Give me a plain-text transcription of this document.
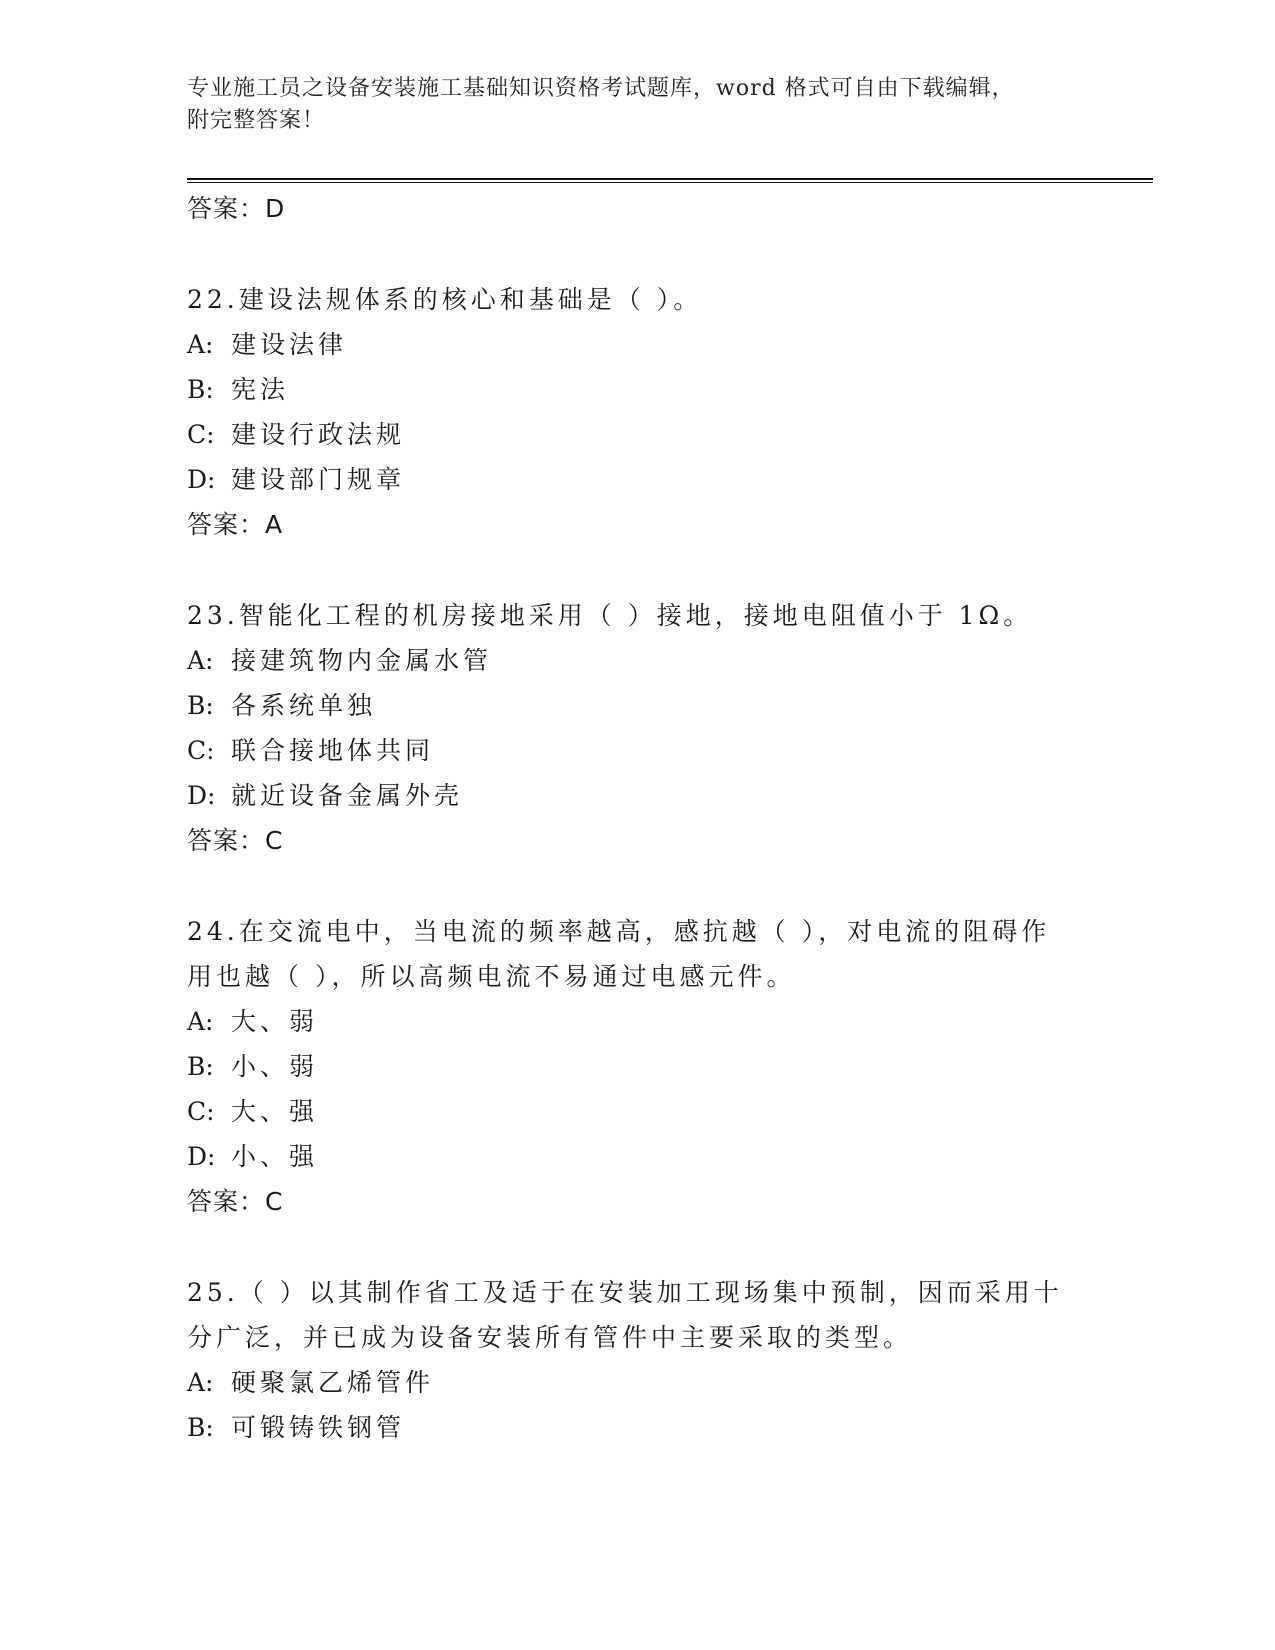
专业施工员之设备安装施工基础知识资格考试题库，word 格式可自由下载编辑，
附完整答案！
答案：D
22.建设法规体系的核心和基础是（ ）。
A: 建设法律
B: 宪法
C: 建设行政法规
D: 建设部门规章
答案：A
23.智能化工程的机房接地采用（ ）接地，接地电阻值小于 1Ω。
A: 接建筑物内金属水管
B: 各系统单独
C: 联合接地体共同
D: 就近设备金属外壳
答案：C
24.在交流电中，当电流的频率越高，感抗越（ ），对电流的阻碍作
用也越（ ），所以高频电流不易通过电感元件。
A: 大、弱
B: 小、弱
C: 大、强
D: 小、强
答案：C
25.（ ）以其制作省工及适于在安装加工现场集中预制，因而采用十
分广泛，并已成为设备安装所有管件中主要采取的类型。
A: 硬聚氯乙烯管件
B: 可锻铸铁钢管
